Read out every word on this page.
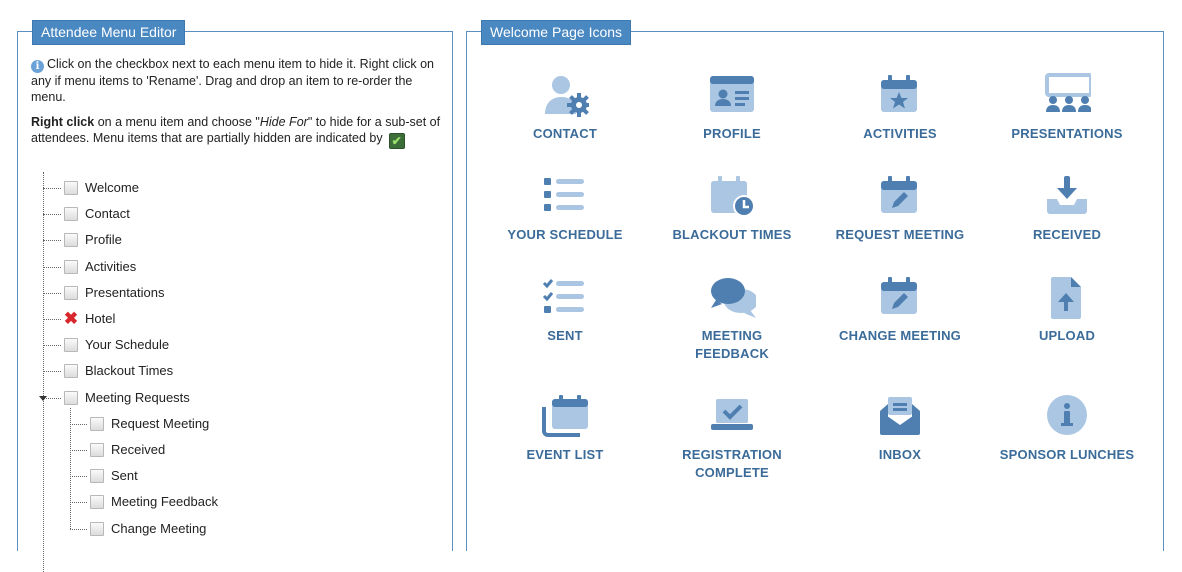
Attendee Menu Editor

i Click on the checkbox next to each menu item to hide it. Right click on any if menu items to 'Rename'. Drag and drop an item to re-order the menu.

Right click on a menu item and choose "Hide For" to hide for a sub-set of attendees. Menu items that are partially hidden are indicated by ✔

Welcome
Contact
Profile
Activities
Presentations
✖ Hotel
Your Schedule
Blackout Times
Meeting Requests
Request Meeting
Received
Sent
Meeting Feedback
Change Meeting
Welcome Page Icons
CONTACT	PROFILE	ACTIVITIES	PRESENTATIONS
YOUR SCHEDULE	BLACKOUT TIMES	REQUEST MEETING	RECEIVED
SENT	MEETING
FEEDBACK
CHANGE MEETING	UPLOAD
EVENT LIST	REGISTRATION
COMPLETE
INBOX	SPONSOR LUNCHES
